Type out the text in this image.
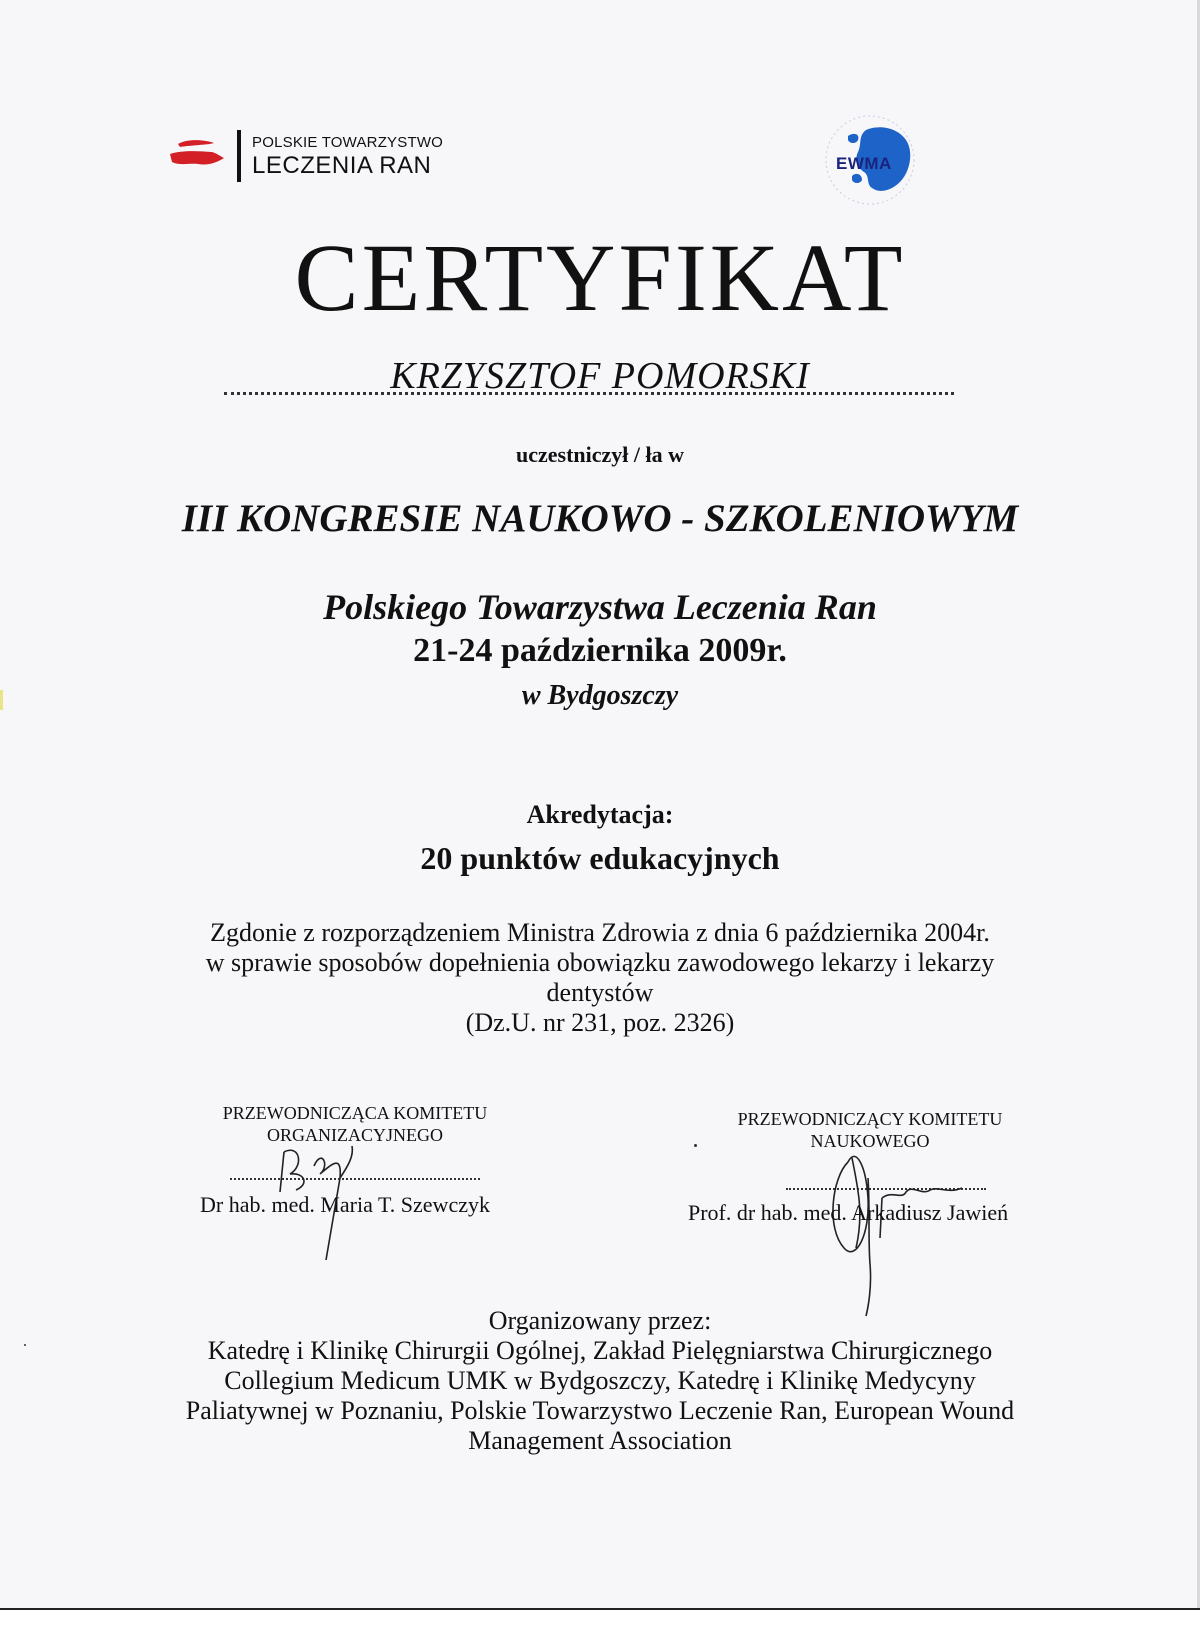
POLSKIE TOWARZYSTWO
LECZENIA RAN	EWMA
CERTYFIKAT
KRZYSZTOF POMORSKI
uczestniczył / ła w
III KONGRESIE NAUKOWO - SZKOLENIOWYM
Polskiego Towarzystwa Leczenia Ran
21-24 października 2009r.
w Bydgoszczy
Akredytacja:
20 punktów edukacyjnych
Zgdonie z rozporządzeniem Ministra Zdrowia z dnia 6 października 2004r.
w sprawie sposobów dopełnienia obowiązku zawodowego lekarzy i lekarzy
dentystów
(Dz.U. nr 231, poz. 2326)
PRZEWODNICZĄCA KOMITETU
ORGANIZACYJNEGO
Dr hab. med. Maria T. Szewczyk
PRZEWODNICZĄCY KOMITETU
NAUKOWEGO
Prof. dr hab. med. Arkadiusz Jawień
Organizowany przez:
Katedrę i Klinikę Chirurgii Ogólnej, Zakład Pielęgniarstwa Chirurgicznego
Collegium Medicum UMK w Bydgoszczy, Katedrę i Klinikę Medycyny
Paliatywnej w Poznaniu, Polskie Towarzystwo Leczenie Ran, European Wound
Management Association
